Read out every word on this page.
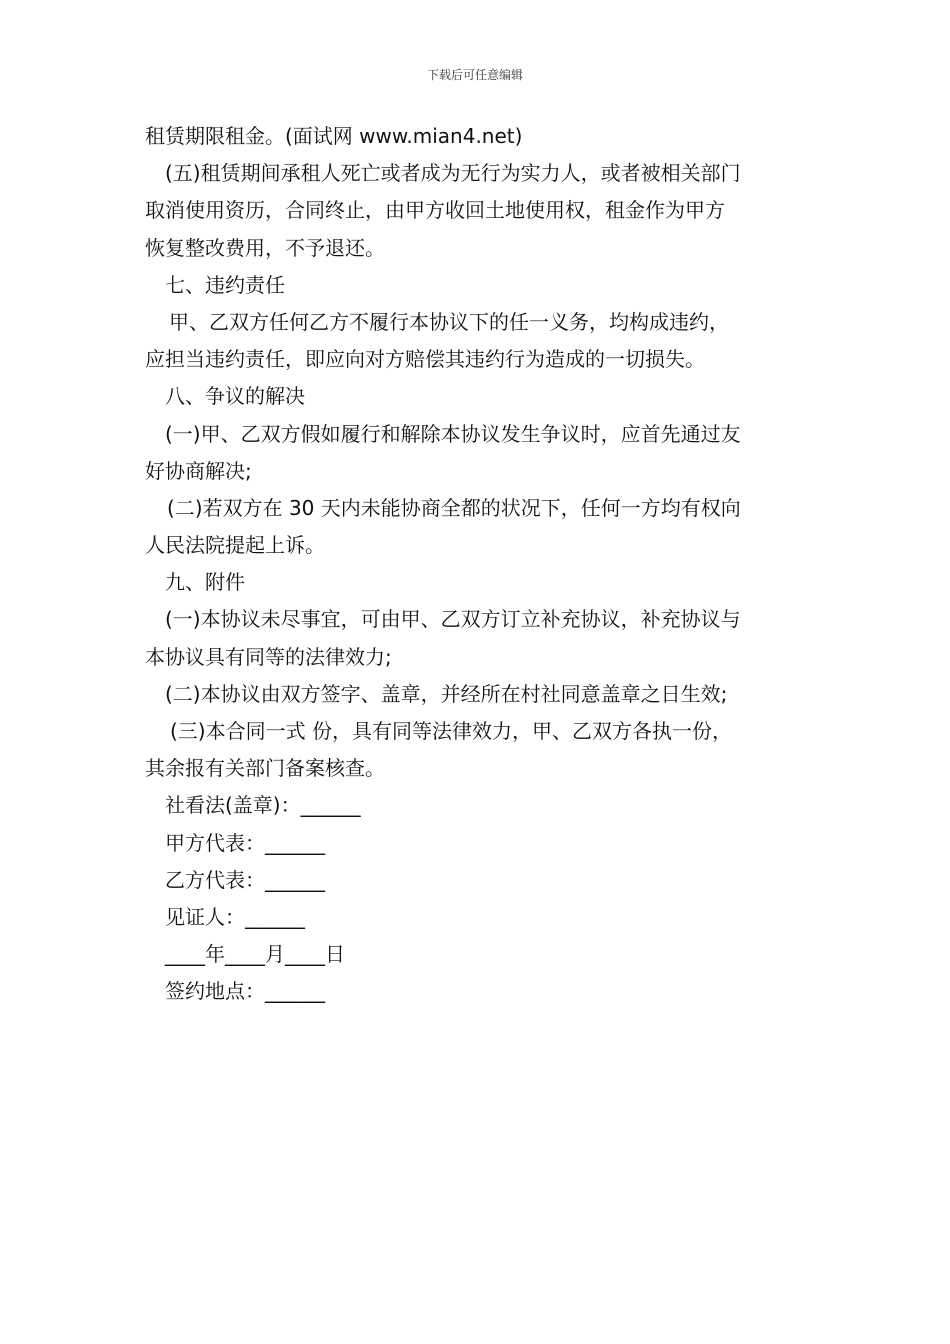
下载后可任意编辑
租赁期限租金。(面试网 www.mian4.net)
(五)租赁期间承租人死亡或者成为无行为实力人，或者被相关部门
取消使用资历，合同终止，由甲方收回土地使用权，租金作为甲方
恢复整改费用，不予退还。
七、违约责任
甲、乙双方任何乙方不履行本协议下的任一义务，均构成违约，
应担当违约责任，即应向对方赔偿其违约行为造成的一切损失。
八、争议的解决
(一)甲、乙双方假如履行和解除本协议发生争议时，应首先通过友
好协商解决;
(二)若双方在 30 天内未能协商全都的状况下，任何一方均有权向
人民法院提起上诉。
九、附件
(一)本协议未尽事宜，可由甲、乙双方订立补充协议，补充协议与
本协议具有同等的法律效力;
(二)本协议由双方签字、盖章，并经所在村社同意盖章之日生效;
(三)本合同一式 份，具有同等法律效力，甲、乙双方各执一份，
其余报有关部门备案核查。
社看法(盖章)：______
甲方代表：______
乙方代表：______
见证人：______
____年____月____日
签约地点：______
